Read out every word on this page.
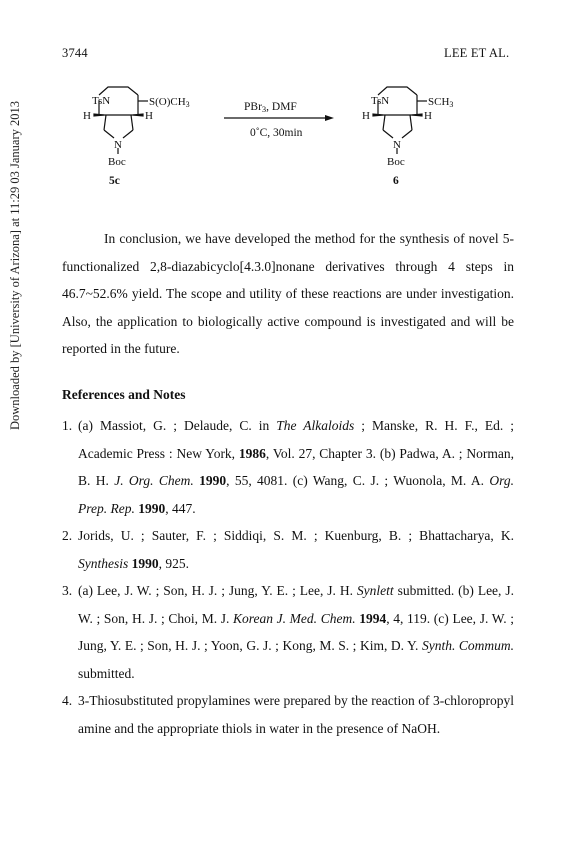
3744	LEE ET AL.
Downloaded by [University of Arizona] at 11:29 03 January 2013
TsN	S(O)CH3
H	H
N
Boc
5c
PBr3, DMF
0˚C, 30min
TsN	SCH3
H	H
N
Boc
6
In conclusion, we have developed the method for the synthesis of novel 5-functionalized 2,8-diazabicyclo[4.3.0]nonane derivatives through 4 steps in 46.7~52.6% yield. The scope and utility of these reactions are under investigation. Also, the application to biologically active compound is investigated and will be reported in the future.
References and Notes
1. (a) Massiot, G. ; Delaude, C. in The Alkaloids ; Manske, R. H. F., Ed. ; Academic Press : New York, 1986, Vol. 27, Chapter 3. (b) Padwa, A. ; Norman, B. H. J. Org. Chem. 1990, 55, 4081. (c) Wang, C. J. ; Wuonola, M. A. Org. Prep. Rep. 1990, 447.
2. Jorids, U. ; Sauter, F. ; Siddiqi, S. M. ; Kuenburg, B. ; Bhattacharya, K. Synthesis 1990, 925.
3. (a) Lee, J. W. ; Son, H. J. ; Jung, Y. E. ; Lee, J. H. Synlett submitted. (b) Lee, J. W. ; Son, H. J. ; Choi, M. J. Korean J. Med. Chem. 1994, 4, 119. (c) Lee, J. W. ; Jung, Y. E. ; Son, H. J. ; Yoon, G. J. ; Kong, M. S. ; Kim, D. Y. Synth. Commum. submitted.
4. 3-Thiosubstituted propylamines were prepared by the reaction of 3-chloropropyl amine and the appropriate thiols in water in the presence of NaOH.
